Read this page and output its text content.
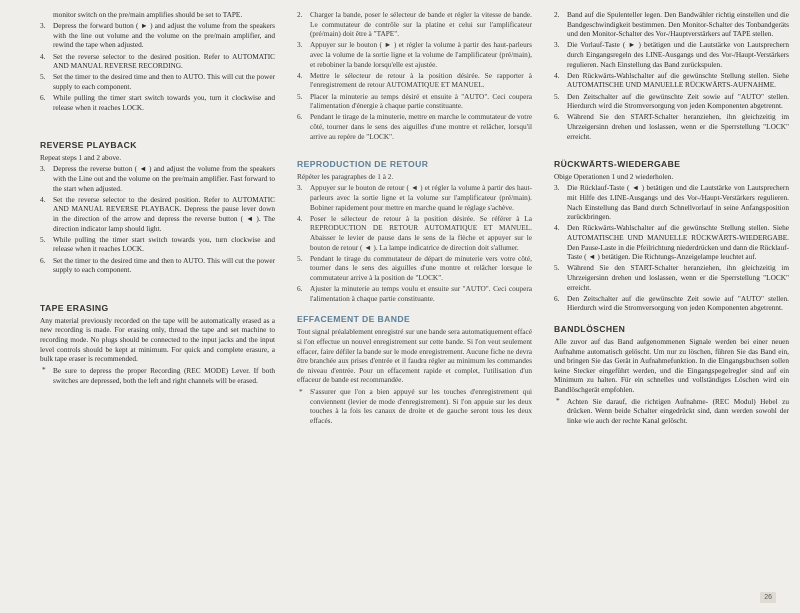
monitor switch on the pre/main amplifies should be set to TAPE.
3.	Depress the forward button ( ► ) and adjust the volume from the speakers with the line out volume and the volume on the pre/main amplifier, and rewind the tape when adjusted.
4.	Set the reverse selector to the desired position. Refer to AUTOMATIC AND MANUAL REVERSE RECORDING.
5.	Set the timer to the desired time and then to AUTO. This will cut the power supply to each component.
6.	While pulling the timer start switch towards you, turn it clockwise and release when it reaches LOCK.
REVERSE PLAYBACK

Repeat steps 1 and 2 above.

3.	Depress the reverse button ( ◄ ) and adjust the volume from the speakers with the Line out and the volume on the pre/main amplifier. Fast forward to the start when adjusted.
4.	Set the reverse selector to the desired position. Refer to AUTOMATIC AND MANUAL REVERSE PLAYBACK. Depress the pause lever down in the direction of the arrow and depress the reverse button ( ◄ ). The direction indicator lamp should light.
5.	While pulling the timer start switch towards you, turn clockwise and release when it reaches LOCK.
6.	Set the timer to the desired time and then to AUTO. This will cut the power supply to each component.
TAPE ERASING

Any material previously recorded on the tape will be automatically erased as a new recording is made. For erasing only, thread the tape and set machine to recording mode. No plugs should be connected to the input jacks and the input level controls should be kept at minimum. For quick and complete erasure, a bulk tape eraser is recommended.

* Be sure to depress the proper Recording (REC MODE) Lever. If both switches are depressed, both the left and right channels will be erased.
2.	Charger la bande, poser le sélecteur de bande et régler la vitesse de bande. Le commutateur de contrôle sur la platine et celui sur l'amplificateur (pré/main) doit être à "TAPE".
3.	Appuyer sur le bouton ( ► ) et régler la volume à partir des haut-parleurs avec la volume de la sortie ligne et la volume de l'amplificateur (pré/main), et rebobiner la bande lorsqu'elle est ajustée.
4.	Mettre le sélecteur de retour à la position désirée. Se rapporter à l'enregistrement de retour AUTOMATIQUE ET MANUEL.
5.	Placer la minuterie au temps désiré et ensuite à "AUTO". Ceci coupera l'alimentation d'énergie à chaque partie constituante.
6.	Pendant le tirage de la minuterie, mettre en marche le commutateur de votre côté, tourner dans le sens des aiguilles d'une montre et relâcher, lorsqu'il arrive au repère de "LOCK".
REPRODUCTION DE RETOUR

Répéter les paragraphes de 1 à 2.

3.	Appuyer sur le bouton de retour ( ◄ ) et régler la volume à partir des haut-parleurs avec la sortie ligne et la volume sur l'amplificateur (pré/main). Bobiner rapidement pour mettre en marche quand le réglage s'achève.
4.	Poser le sélecteur de retour à la position désirée. Se référer à La REPRODUCTION DE RETOUR AUTOMATIQUE ET MANUEL. Abaisser le levier de pause dans le sens de la flèche et appuyer sur le bouton de retour ( ◄ ). La lampe indicatrice de direction doit s'allumer.
5.	Pendant le tirage du commutateur de départ de minuterie vers votre côté, tourner dans le sens des aiguilles d'une montre et relâcher lorsque le commutateur arrive à la position de "LOCK".
6.	Ajuster la minuterie au temps voulu et ensuite sur "AUTO". Ceci coupera l'alimentation à chaque partie constituante.
EFFACEMENT DE BANDE

Tout signal préalablement enregistré sur une bande sera automatiquement effacé si l'on effectue un nouvel enregistrement sur cette bande. Si l'on veut seulement effacer, faire défiler la bande sur le mode enregistrement. Aucune fiche ne devra être branchée aux prises d'entrée et il faudra régler au minimum les commandes de niveau d'entrée. Pour un effacement rapide et complet, l'utilisation d'un effaceur de bande est recommandée.

* S'assurer que l'on a bien appuyé sur les touches d'enregistrement qui conviennent (levier de mode d'enregistrement). Si l'on appuie sur les deux touches à la fois les canaux de droite et de gauche seront tous les deux effacés.
2.	Band auf die Spulenteller legen. Den Bandwähler richtig einstellen und die Bandgeschwindigkeit bestimmen. Den Monitor-Schalter des Tonbandgeräts und den Monitor-Schalter des Vor-/Hauptverstärkers auf TAPE stellen.
3.	Die Vorlauf-Taste ( ► ) betätigen und die Lautstärke von Lautsprechern durch Eingangsregeln des LINE-Ausgangs und des Vor-/Haupt-Verstärkers regulieren. Nach Einstellung das Band zurückspulen.
4.	Den Rückwärts-Wahlschalter auf die gewünschte Stellung stellen. Siehe AUTOMATISCHE UND MANUELLE RÜCKWÄRTS-AUFNAHME.
5.	Den Zeitschalter auf die gewünschte Zeit sowie auf "AUTO" stellen. Hierdurch wird die Stromversorgung von jeden Komponenten abgetrennt.
6.	Während Sie den START-Schalter heranziehen, ihn gleichzeitig im Uhrzeigersinn drehen und loslassen, wenn er die Sperrstellung "LOCK" erreicht.
RÜCKWÄRTS-WIEDERGABE

Obige Operationen 1 und 2 wiederholen.

3.	Die Rücklauf-Taste ( ◄ ) betätigen und die Lautstärke von Lautsprechern mit Hilfe des LINE-Ausgangs und des Vor-/Haupt-Verstärkers regulieren. Nach Einstellung das Band durch Schnellvorlauf in seine Anfangsposition zurückbringen.
4.	Den Rückwärts-Wahlschalter auf die gewünschte Stellung stellen. Siehe AUTOMATISCHE UND MANUELLE RÜCKWÄRTS-WIEDERGABE. Den Pause-Laste in die Pfeilrichtung niederdrücken und dann die Rücklauf-Taste ( ◄ ) betätigen. Die Richtungs-Anzeigelampe leuchtet auf.
5.	Während Sie den START-Schalter heranziehen, ihn gleichzeitig im Uhrzeigersinn drehen und loslassen, wenn er die Sperrstellung "LOCK" erreicht.
6.	Den Zeitschalter auf die gewünschte Zeit sowie auf "AUTO" stellen. Hierdurch wird die Stromversorgung von jeden Komponenten abgetrennt.
BANDLÖSCHEN

Alle zuvor auf das Band aufgenommenen Signale werden bei einer neuen Aufnahme automatisch gelöscht. Um nur zu löschen, führen Sie das Band ein, und bringen Sie das Gerät in Aufnahmefunktion. In die Eingangsbuchsen sollen keine Stecker eingeführt werden, und die Eingangspegelregler sind auf ein Minimum zu halten. Für ein schnelles und vollständiges Löschen wird ein Bandlöschgerät empfohlen.

* Achten Sie darauf, die richtigen Aufnahme- (REC Modul) Hebel zu drücken. Wenn beide Schalter eingedrückt sind, dann werden sowohl der linke wie auch der rechte Kanal gelöscht.
26
